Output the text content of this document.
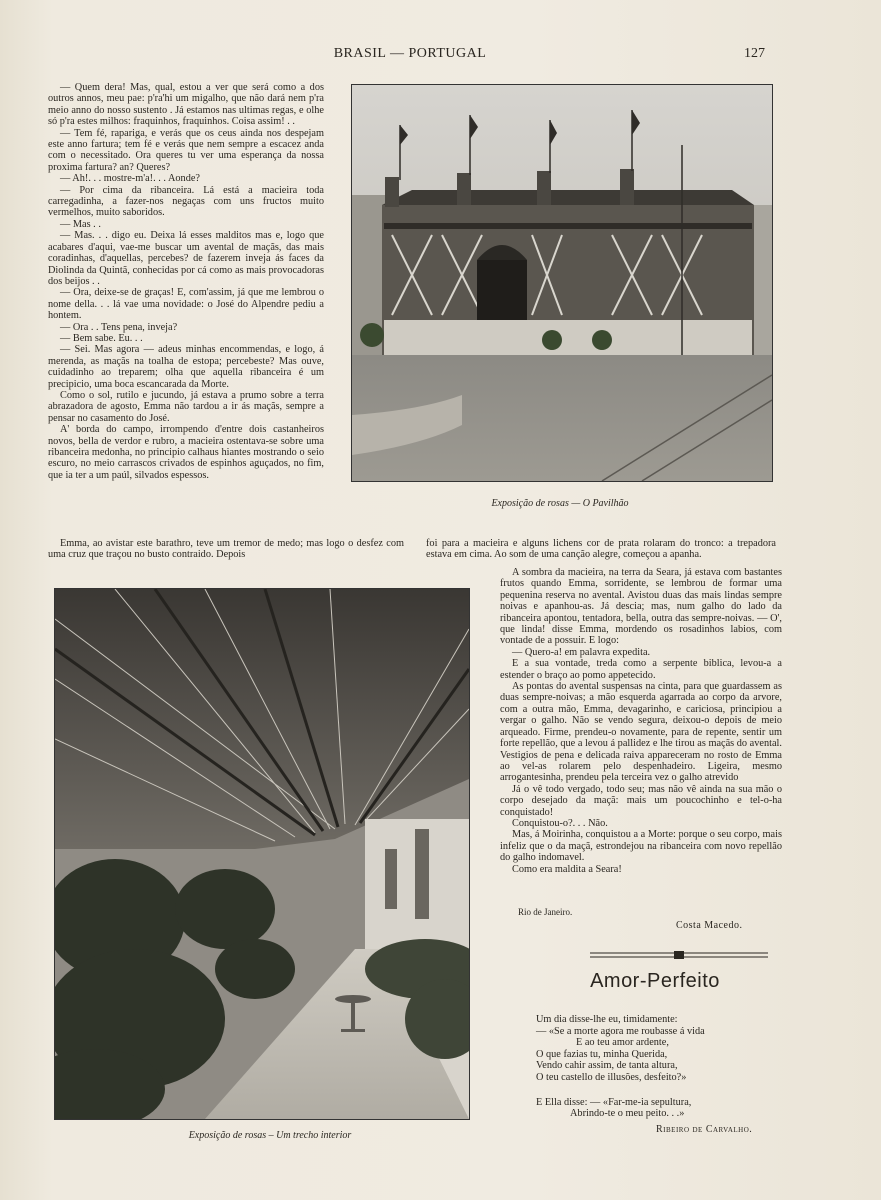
BRASIL — PORTUGAL	127

— Quem dera! Mas, qual, estou a ver que será como a dos outros annos, meu pae: p'ra'hi um migalho, que não dará nem p'ra meio anno do nosso sustento . Já estamos nas ultimas regas, e olhe só p'ra estes milhos: fraquinhos, fraquinhos. Coisa assim! . .

— Tem fé, rapariga, e verás que os ceus ainda nos despejam este anno fartura; tem fé e verás que nem sempre a escacez anda com o necessitado. Ora queres tu ver uma esperança da nossa proxima fartura? an? Queres?

— Ah!. . . mostre-m'a!. . . Aonde?

— Por cima da ribanceira. Lá está a macieira toda carregadinha, a fazer-nos negaças com uns fructos muito vermelhos, muito saboridos.

— Mas . .

— Mas. . . digo eu. Deixa lá esses malditos mas e, logo que acabares d'aqui, vae-me buscar um avental de maçãs, das mais coradinhas, d'aquellas, percebes? de fazerem inveja ás faces da Diolinda da Quintã, conhecidas por cá como as mais provocadoras dos beijos . .

— Ora, deixe-se de graças! E, com'assim, já que me lembrou o nome della. . . lá vae uma novidade: o José do Alpendre pediu a hontem.

— Ora . . Tens pena, inveja?

— Bem sabe. Eu. . .

— Sei. Mas agora — adeus minhas encommendas, e logo, á merenda, as maçãs na toalha de estopa; percebeste? Mas ouve, cuidadinho ao treparem; olha que aquella ribanceira é um precipicio, uma boca escancarada da Morte.

Como o sol, rutilo e jucundo, já estava a prumo sobre a terra abrazadora de agosto, Emma não tardou a ir ás maçãs, sempre a pensar no casamento do José.

A' borda do campo, irrompendo d'entre dois castanheiros novos, bella de verdor e rubro, a macieira ostentava-se sobre uma ribanceira medonha, no principio calhaus hiantes mostrando o seio escuro, no meio carrascos crivados de espinhos aguçados, no fim, que ia ter a um paúl, silvados espessos.

Emma, ao avistar este barathro, teve um tremor de medo; mas logo o desfez com uma cruz que traçou no busto contraido. Depois

Exposição de rosas — O Pavilhão

foi para a macieira e alguns lichens cor de prata rolaram do tronco: a trepadora estava em cima. Ao som de uma canção alegre, começou a apanha.

A sombra da macieira, na terra da Seara, já estava com bastantes frutos quando Emma, sorridente, se lembrou de formar uma pequenina reserva no avental. Avistou duas das mais lindas sempre noivas e apanhou-as. Já descia; mas, num galho do lado da ribanceira apontou, tentadora, bella, outra das sempre-noivas. — O', que linda! disse Emma, mordendo os rosadinhos labios, com vontade de a possuir. E logo:

— Quero-a! em palavra expedita.

E a sua vontade, treda como a serpente biblica, levou-a a estender o braço ao pomo appetecido.

As pontas do avental suspensas na cinta, para que guardassem as duas sempre-noivas; a mão esquerda agarrada ao corpo da arvore, com a outra mão, Emma, devagarinho, e cariciosa, principiou a vergar o galho. Não se vendo segura, deixou-o depois de meio arqueado. Firme, prendeu-o novamente, para de repente, sentir um forte repellão, que a levou á pallidez e lhe tirou as maçãs do avental. Vestigios de pena e delicada raiva appareceram no rosto de Emma ao vel-as rolarem pelo despenhadeiro. Ligeira, mesmo arrogantesinha, prendeu pela terceira vez o galho atrevido

Já o vê todo vergado, todo seu; mas não vê ainda na sua mão o corpo desejado da maçã: mais um poucochinho e tel-o-ha conquistado!

Conquistou-o?. . . Não.

Mas, á Moirinha, conquistou a a Morte: porque o seu corpo, mais infeliz que o da maçã, estrondejou na ribanceira com novo repellão do galho indomavel.

Como era maldita a Seara!

Rio de Janeiro.
Costa Macedo.
Exposição de rosas – Um trecho interior
Amor-Perfeito

Um dia disse-lhe eu, timidamente:

— «Se a morte agora me roubasse á vida

E ao teu amor ardente,

O que fazias tu, minha Querida,

Vendo cahir assim, de tanta altura,

O teu castello de illusões, desfeito?»

E Ella disse: — «Far-me-ia sepultura,

Abrindo-te o meu peito. . .»

Ribeiro de Carvalho.
